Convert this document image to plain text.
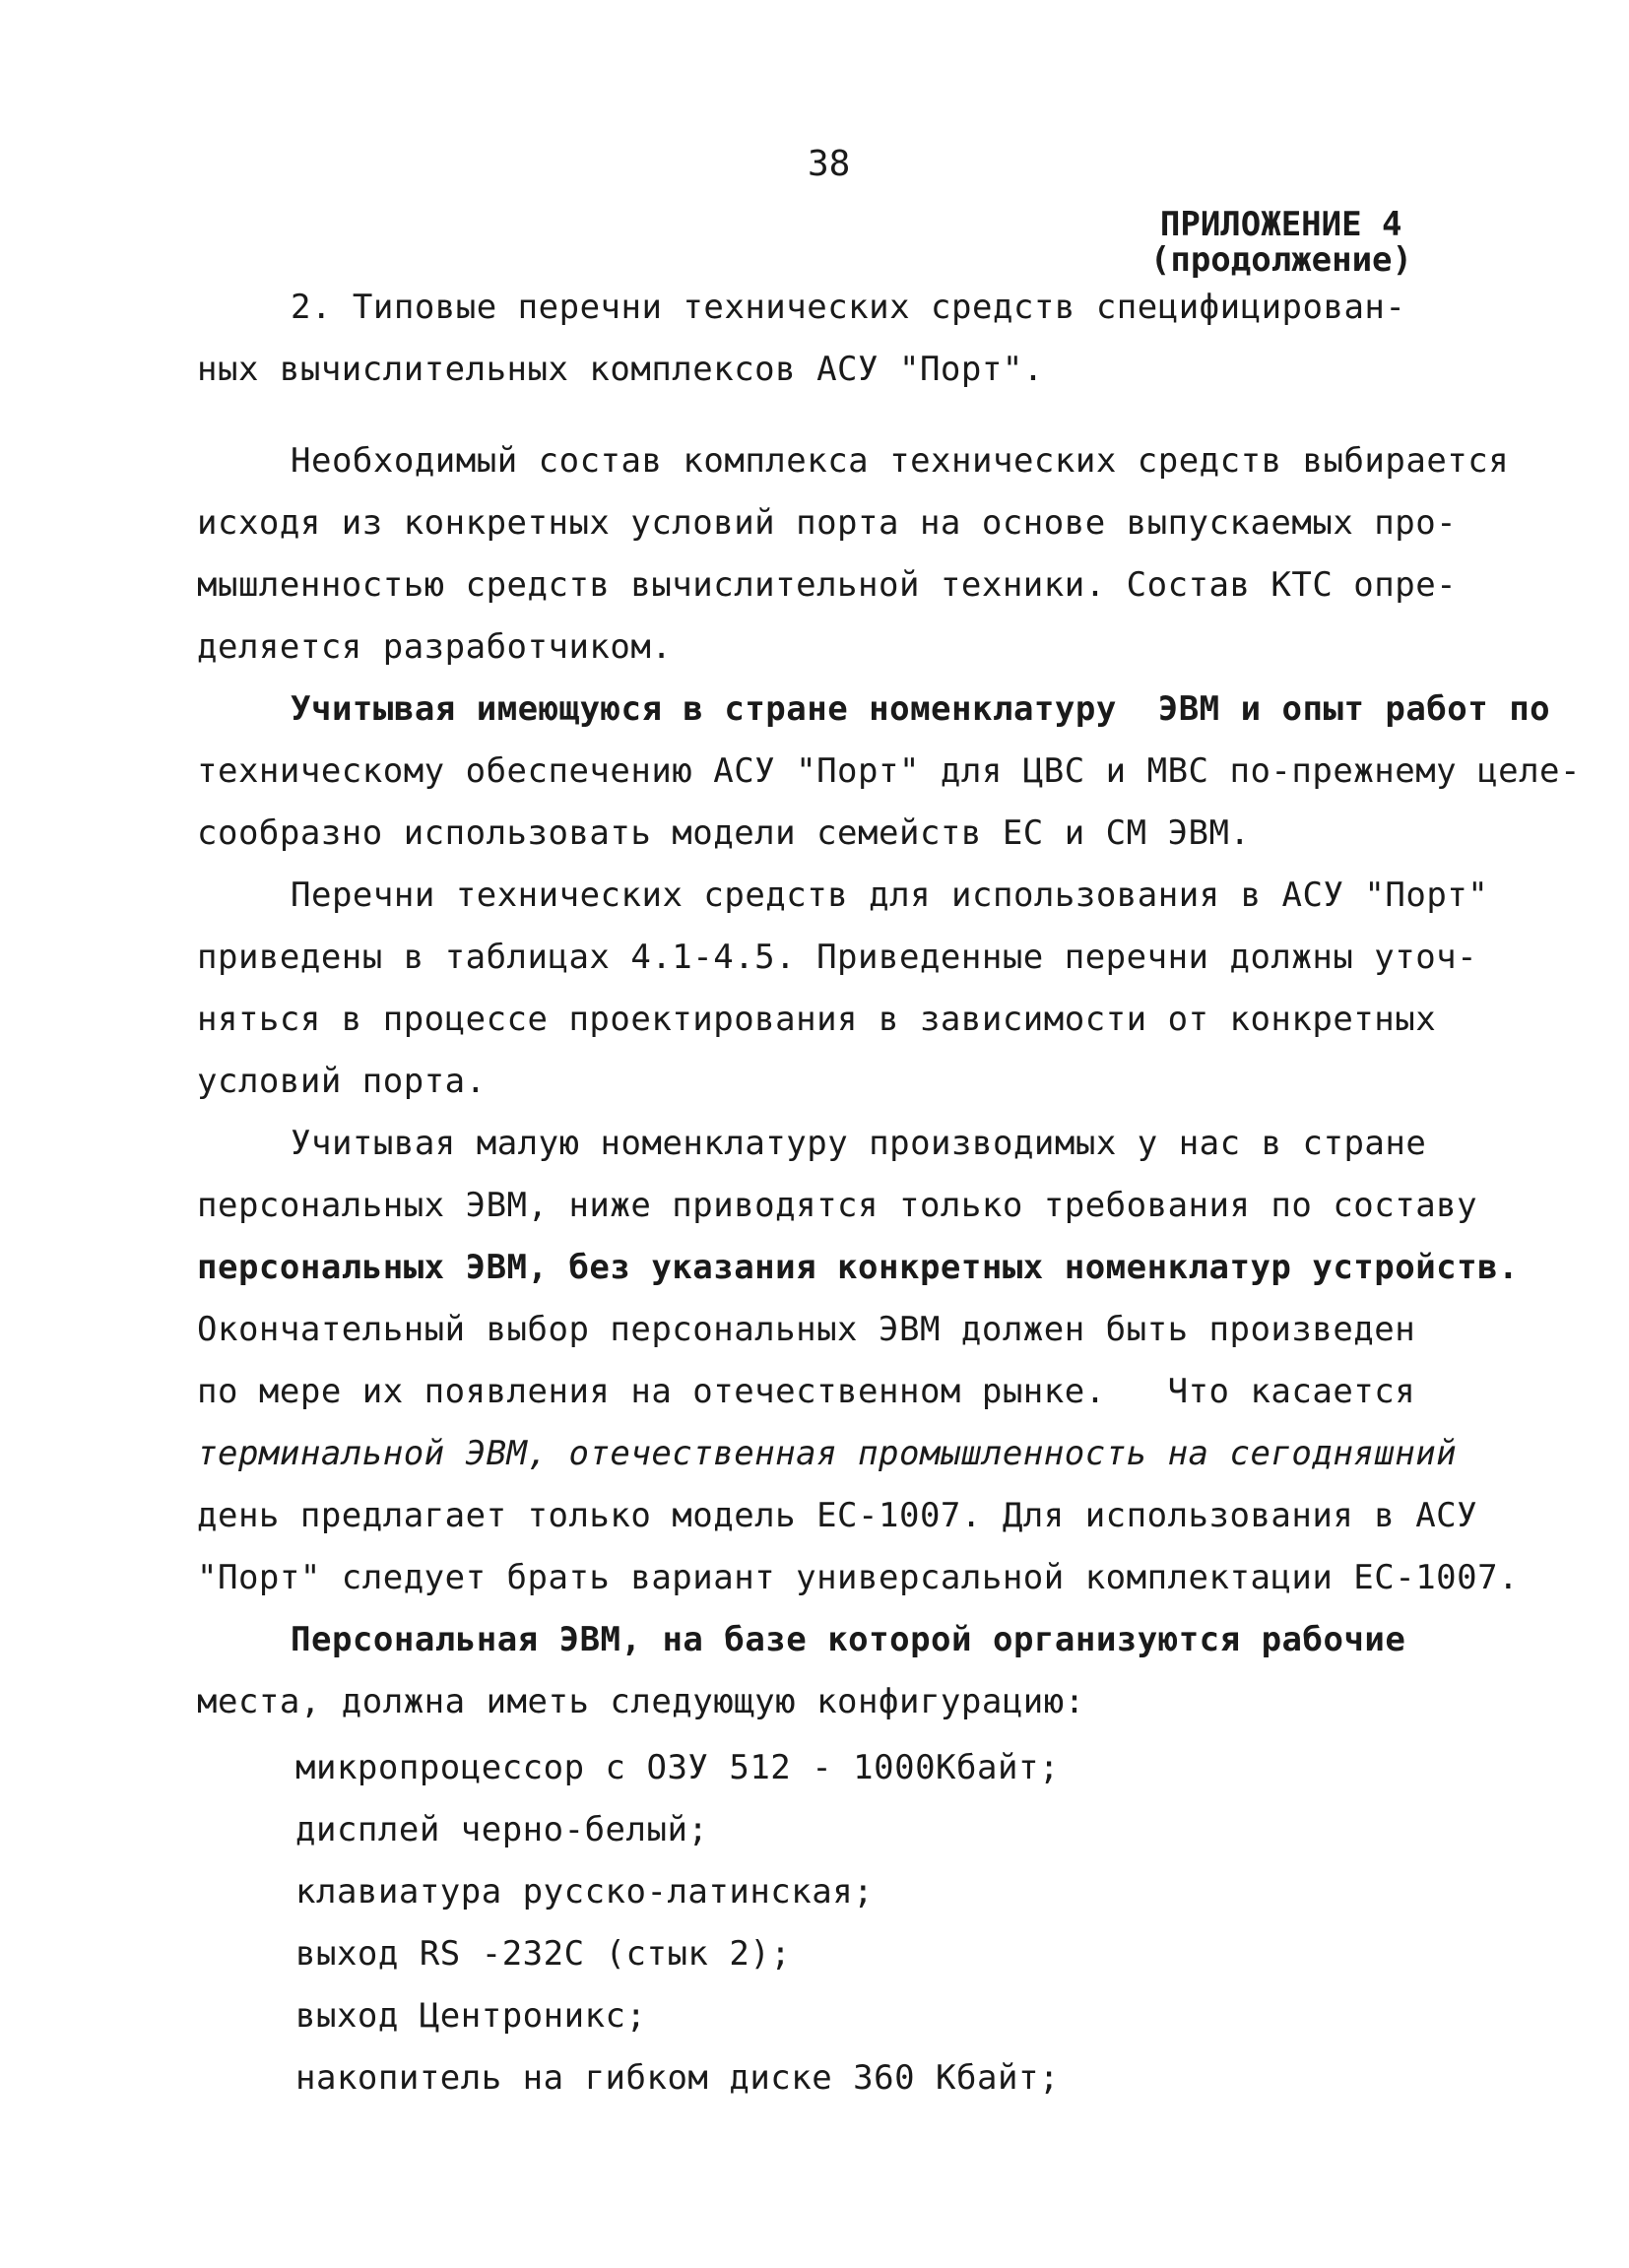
38
ПРИЛОЖЕНИЕ 4
(продолжение)
2. Типовые перечни технических средств специфицирован-
ных вычислительных комплексов АСУ "Порт".
Необходимый состав комплекса технических средств выбирается
исходя из конкретных условий порта на основе выпускаемых про-
мышленностью средств вычислительной техники. Состав КТС опре-
деляется разработчиком.
Учитывая имеющуюся в стране номенклатуру  ЭВМ и опыт работ по
техническому обеспечению АСУ "Порт" для ЦВС и МВС по-прежнему целе-
сообразно использовать модели семейств ЕС и СМ ЭВМ.
Перечни технических средств для использования в АСУ "Порт"
приведены в таблицах 4.1-4.5. Приведенные перечни должны уточ-
няться в процессе проектирования в зависимости от конкретных
условий порта.
Учитывая малую номенклатуру производимых у нас в стране
персональных ЭВМ, ниже приводятся только требования по составу
персональных ЭВМ, без указания конкретных номенклатур устройств.
Окончательный выбор персональных ЭВМ должен быть произведен
по мере их появления на отечественном рынке.   Что касается
терминальной ЭВМ, отечественная промышленность на сегодняшний
день предлагает только модель ЕС-1007. Для использования в АСУ
"Порт" следует брать вариант универсальной комплектации ЕС-1007.
Персональная ЭВМ, на базе которой организуются рабочие
места, должна иметь следующую конфигурацию:
микропроцессор с ОЗУ 512 - 1000Кбайт;
дисплей черно-белый;
клавиатура русско-латинская;
выход RS -232С (стык 2);
выход Центроникс;
накопитель на гибком диске 360 Кбайт;
